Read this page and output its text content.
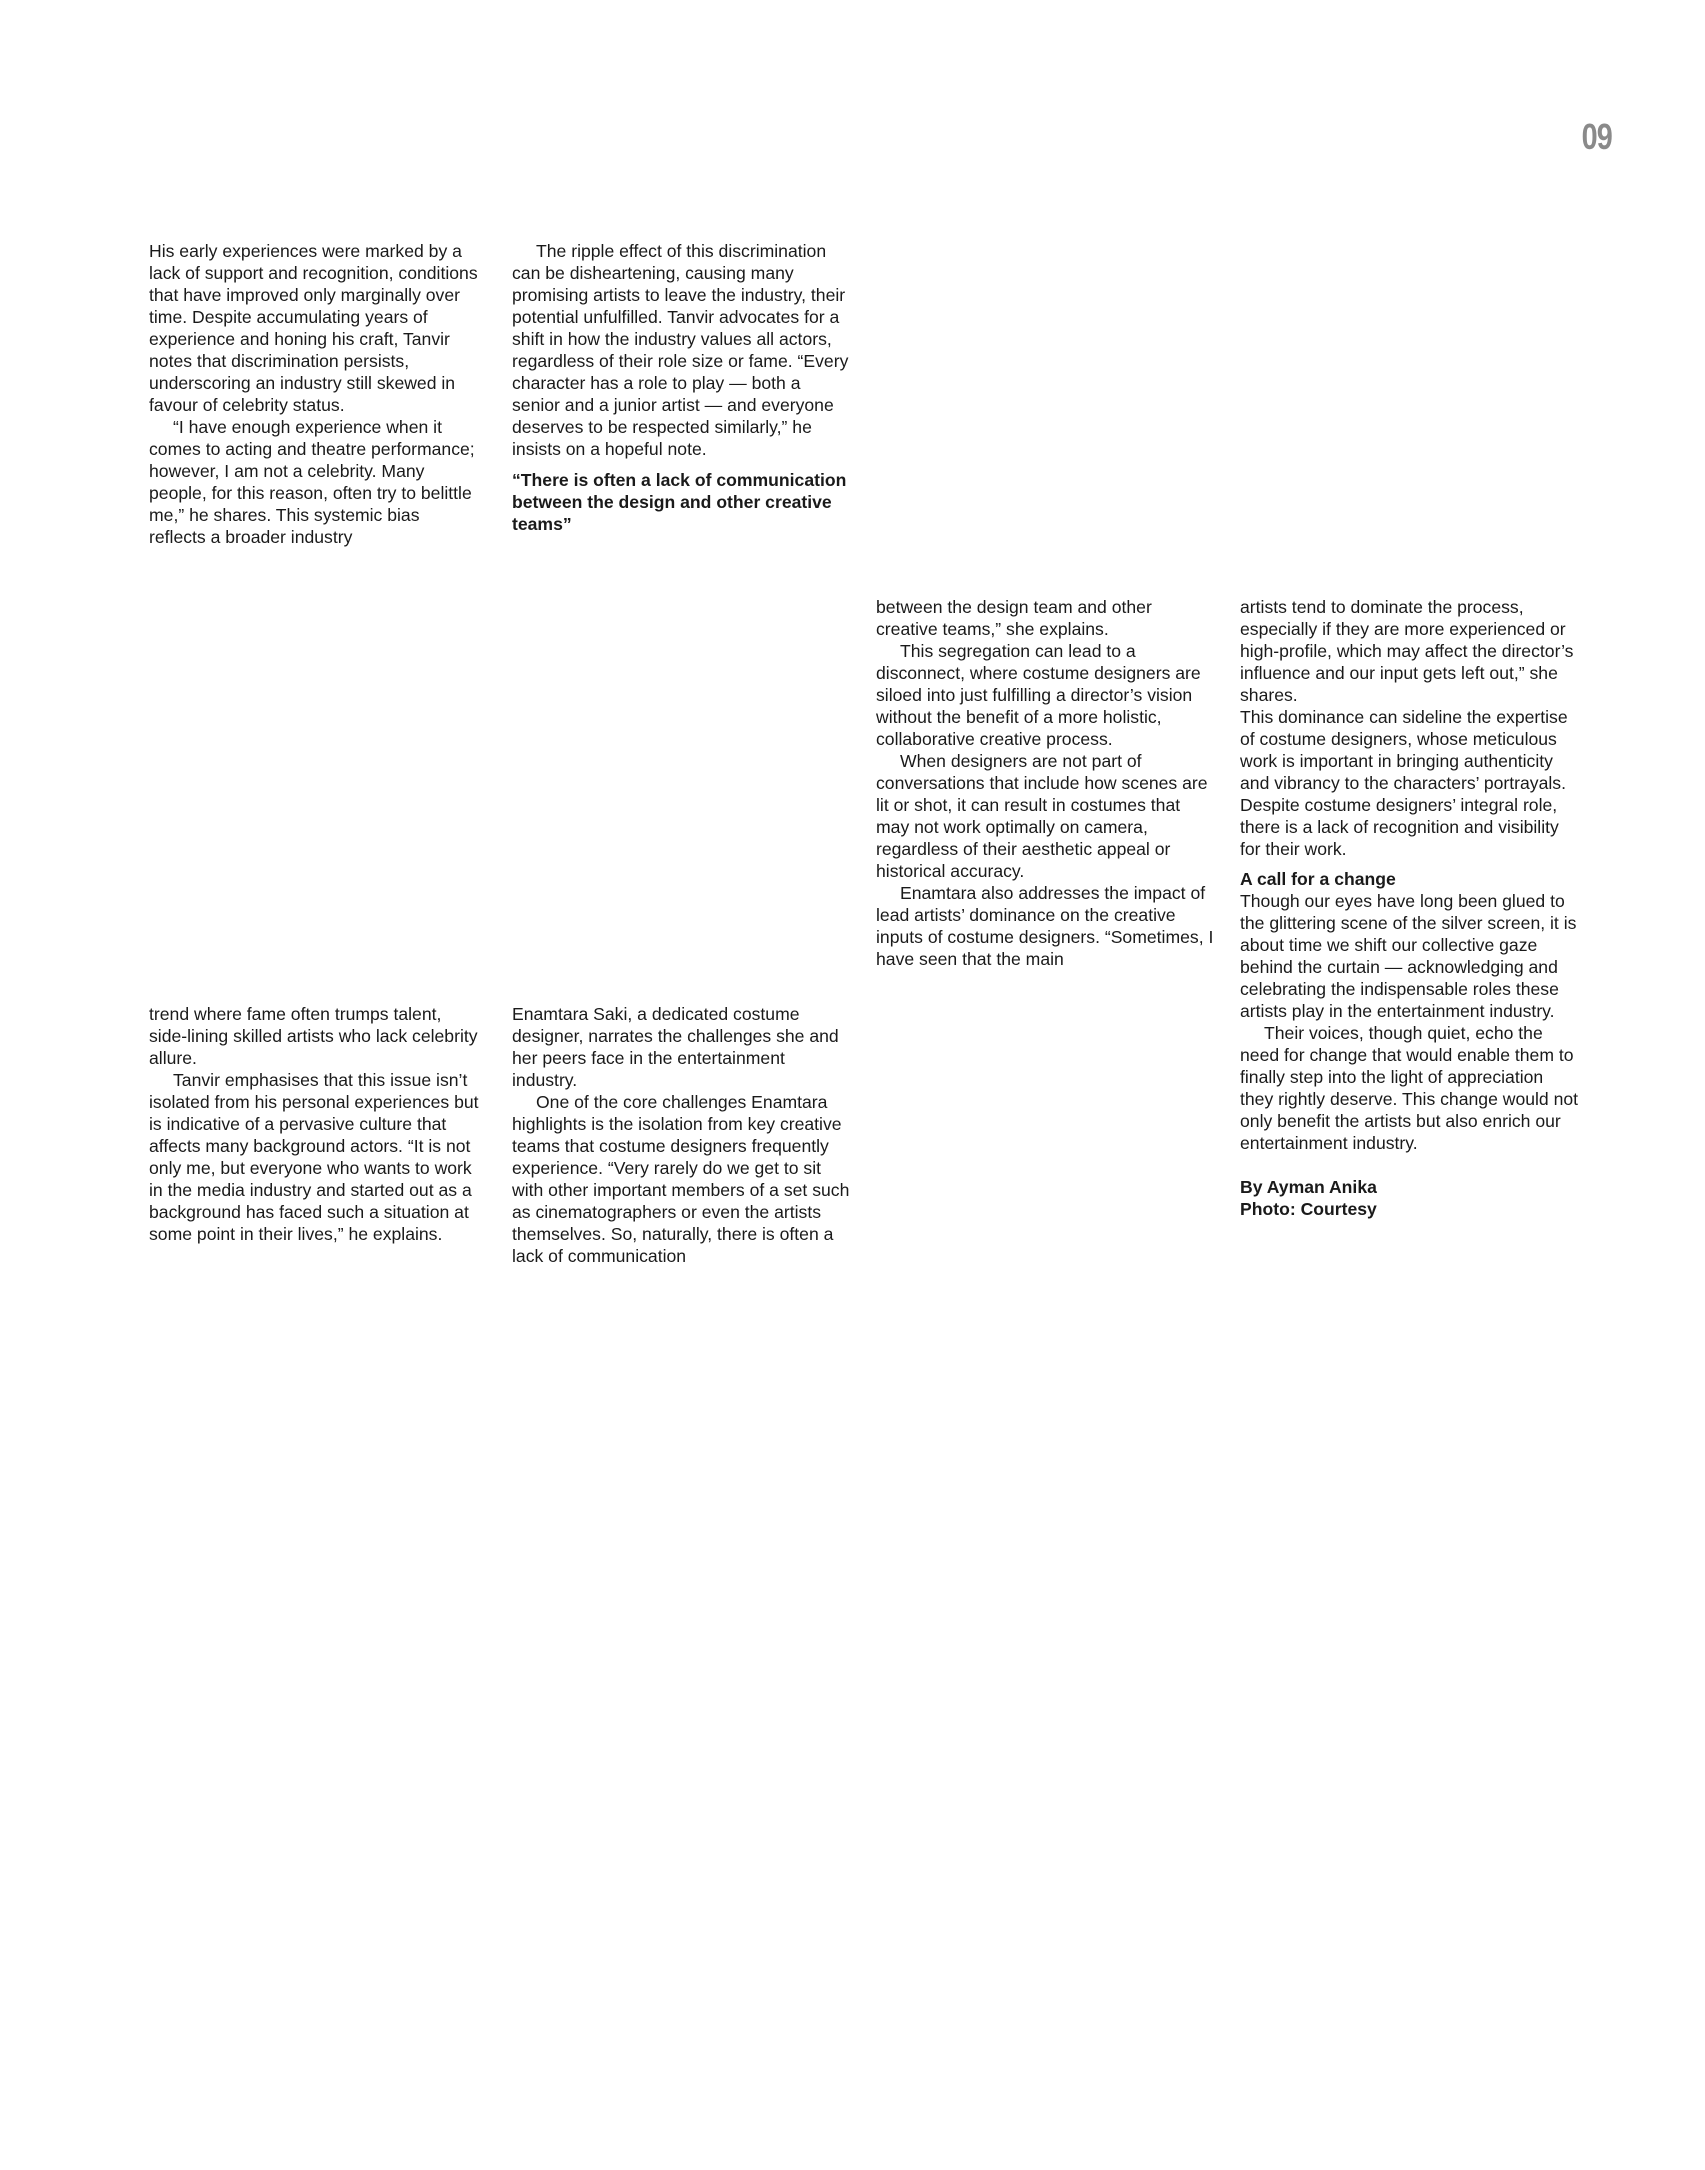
09

His early experiences were marked by a lack of support and recognition, conditions that have improved only marginally over time. Despite accumulating years of experience and honing his craft, Tanvir notes that discrimination persists, underscoring an industry still skewed in favour of celebrity status.

“I have enough experience when it comes to acting and theatre performance; however, I am not a celebrity. Many people, for this reason, often try to belittle me,” he shares. This systemic bias reflects a broader industry

The ripple effect of this discrimination can be disheartening, causing many promising artists to leave the industry, their potential unfulfilled. Tanvir advocates for a shift in how the industry values all actors, regardless of their role size or fame. “Every character has a role to play — both a senior and a junior artist — and everyone deserves to be respected similarly,” he insists on a hopeful note.

“There is often a lack of communication between the design and other creative teams”

between the design team and other creative teams,” she explains.

This segregation can lead to a disconnect, where costume designers are siloed into just fulfilling a director’s vision without the benefit of a more holistic, collaborative creative process.

When designers are not part of conversations that include how scenes are lit or shot, it can result in costumes that may not work optimally on camera, regardless of their aesthetic appeal or historical accuracy.

Enamtara also addresses the impact of lead artists’ dominance on the creative inputs of costume designers. “Sometimes, I have seen that the main

artists tend to dominate the process, especially if they are more experienced or high-profile, which may affect the director’s influence and our input gets left out,” she shares.

This dominance can sideline the expertise of costume designers, whose meticulous work is important in bringing authenticity and vibrancy to the characters’ portrayals. Despite costume designers’ integral role, there is a lack of recognition and visibility for their work.

A call for a change

Though our eyes have long been glued to the glittering scene of the silver screen, it is about time we shift our collective gaze behind the curtain — acknowledging and celebrating the indispensable roles these artists play in the entertainment industry.

Their voices, though quiet, echo the need for change that would enable them to finally step into the light of appreciation they rightly deserve. This change would not only benefit the artists but also enrich our entertainment industry.

By Ayman Anika

Photo: Courtesy

trend where fame often trumps talent, side-lining skilled artists who lack celebrity allure.

Tanvir emphasises that this issue isn’t isolated from his personal experiences but is indicative of a pervasive culture that affects many background actors. “It is not only me, but everyone who wants to work in the media industry and started out as a background has faced such a situation at some point in their lives,” he explains.

Enamtara Saki, a dedicated costume designer, narrates the challenges she and her peers face in the entertainment industry.

One of the core challenges Enamtara highlights is the isolation from key creative teams that costume designers frequently experience. “Very rarely do we get to sit with other important members of a set such as cinematographers or even the artists themselves. So, naturally, there is often a lack of communication
